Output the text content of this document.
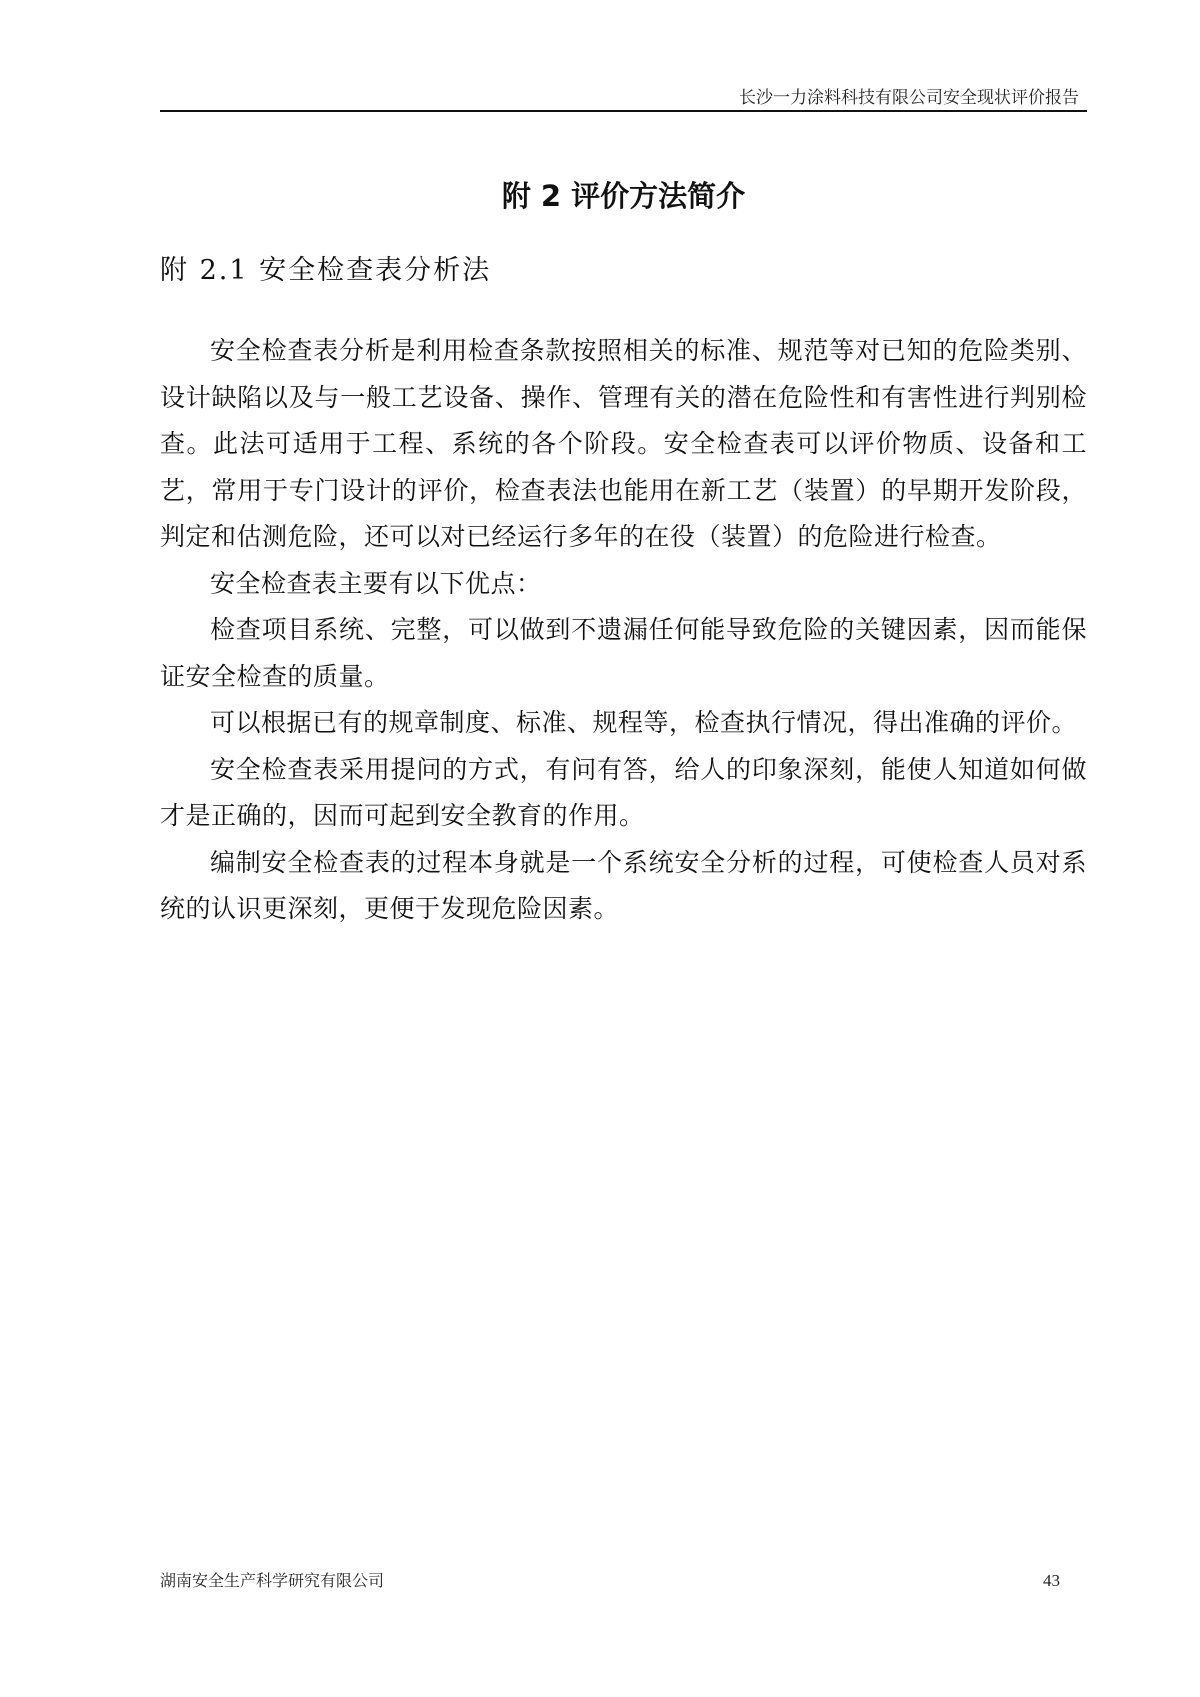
长沙一力涂料科技有限公司安全现状评价报告
附 2 评价方法简介
附 2.1 安全检查表分析法

安全检查表分析是利用检查条款按照相关的标准、规范等对已知的危险类别、设计缺陷以及与一般工艺设备、操作、管理有关的潜在危险性和有害性进行判别检查。此法可适用于工程、系统的各个阶段。安全检查表可以评价物质、设备和工艺，常用于专门设计的评价，检查表法也能用在新工艺（装置）的早期开发阶段，判定和估测危险，还可以对已经运行多年的在役（装置）的危险进行检查。

安全检查表主要有以下优点：

检查项目系统、完整，可以做到不遗漏任何能导致危险的关键因素，因而能保证安全检查的质量。

可以根据已有的规章制度、标准、规程等，检查执行情况，得出准确的评价。

安全检查表采用提问的方式，有问有答，给人的印象深刻，能使人知道如何做才是正确的，因而可起到安全教育的作用。

编制安全检查表的过程本身就是一个系统安全分析的过程，可使检查人员对系统的认识更深刻，更便于发现危险因素。

湖南安全生产科学研究有限公司	43
